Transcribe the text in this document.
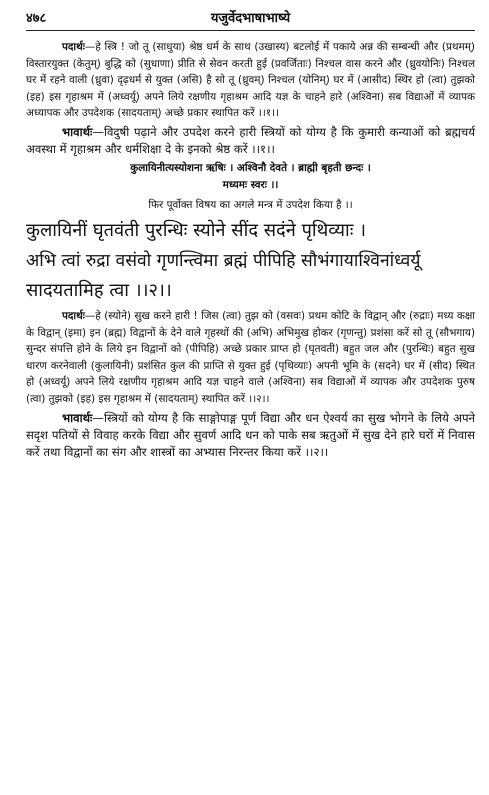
४७८	यजुर्वेदभाषाभाष्ये

पदार्थः—हे स्त्रि ! जो तू (साधुया) श्रेष्ठ धर्म के साथ (उखास्य) बटलोई में पकाये अन्न की सम्बन्धी और (प्रथमम्) विस्तारयुक्त (केतुम्) बुद्धि को (सुधाणा) प्रीति से सेवन करती हुई (प्रवर्जिताः) निश्चल वास करने और (ध्रुवयोनिः) निश्चल घर में रहने वाली (ध्रुवा) दृढ़धर्म से युक्त (असि) है सो तू (ध्रुवम्) निश्चल (योनिम्) घर में (आसीद) स्थिर हो (त्वा) तुझको (इह) इस गृहाश्रम में (अध्वर्यू) अपने लिये रक्षणीय गृहाश्रम आदि यज्ञ के चाहने हारे (अश्विना) सब विद्याओं में व्यापक अध्यापक और उपदेशक (सादयताम्) अच्छे प्रकार स्थापित करें ।।१।।

भावार्थः—विदुषी पढ़ाने और उपदेश करने हारी स्त्रियों को योग्य है कि कुमारी कन्याओं को ब्रह्मचर्य अवस्था में गृहाश्रम और धर्मशिक्षा दे के इनको श्रेष्ठ करें ।।१।।

कुलायिनीत्यस्योशना ऋषिः । अश्विनौ देवते । ब्राह्मी बृहती छन्दः ।
मध्यमः स्वरः ।।
फिर पूर्वोक्त विषय का अगले मन्त्र में उपदेश किया है ।।
कुलायिनीं घृतवंती पुरन्धिः स्योने सींद सदंने पृथिव्याः ।
अभि त्वां रुद्रा वसंवो गृणन्त्विमा ब्रह्मं पीपिहि सौभंगायाश्विनांध्वर्यू
सादयतामिह त्वा ।।२।।

पदार्थः—हे (स्योने) सुख करने हारी ! जिस (त्वा) तुझ को (वसवः) प्रथम कोटि के विद्वान् और (रुद्राः) मध्य कक्षा के विद्वान् (इमा) इन (ब्रह्म) विद्वानों के देने वाले गृहस्थों की (अभि) अभिमुख होकर (गृणन्तु) प्रशंसा करें सो तू (सौभगाय) सुन्दर संपत्ति होने के लिये इन विद्वानों को (पीपिहि) अच्छे प्रकार प्राप्त हो (घृतवती) बहुत जल और (पुरन्धिः) बहुत सुख धारण करनेवाली (कुलायिनी) प्रशंसित कुल की प्राप्ति से युक्त हुई (पृथिव्याः) अपनी भूमि के (सदने) घर में (सीद) स्थित हो (अध्वर्यू) अपने लिये रक्षणीय गृहाश्रम आदि यज्ञ चाहने वाले (अश्विना) सब विद्याओं में व्यापक और उपदेशक पुरुष (त्वा) तुझको (इह) इस गृहाश्रम में (सादयताम्) स्थापित करें ।।२।।

भावार्थः—स्त्रियों को योग्य है कि साङ्गोपाङ्ग पूर्ण विद्या और धन ऐश्वर्य का सुख भोगने के लिये अपने सदृश पतियों से विवाह करके विद्या और सुवर्ण आदि धन को पाके सब ऋतुओं में सुख देने हारे घरों में निवास करें तथा विद्वानों का संग और शास्त्रों का अभ्यास निरन्तर किया करें ।।२।।
